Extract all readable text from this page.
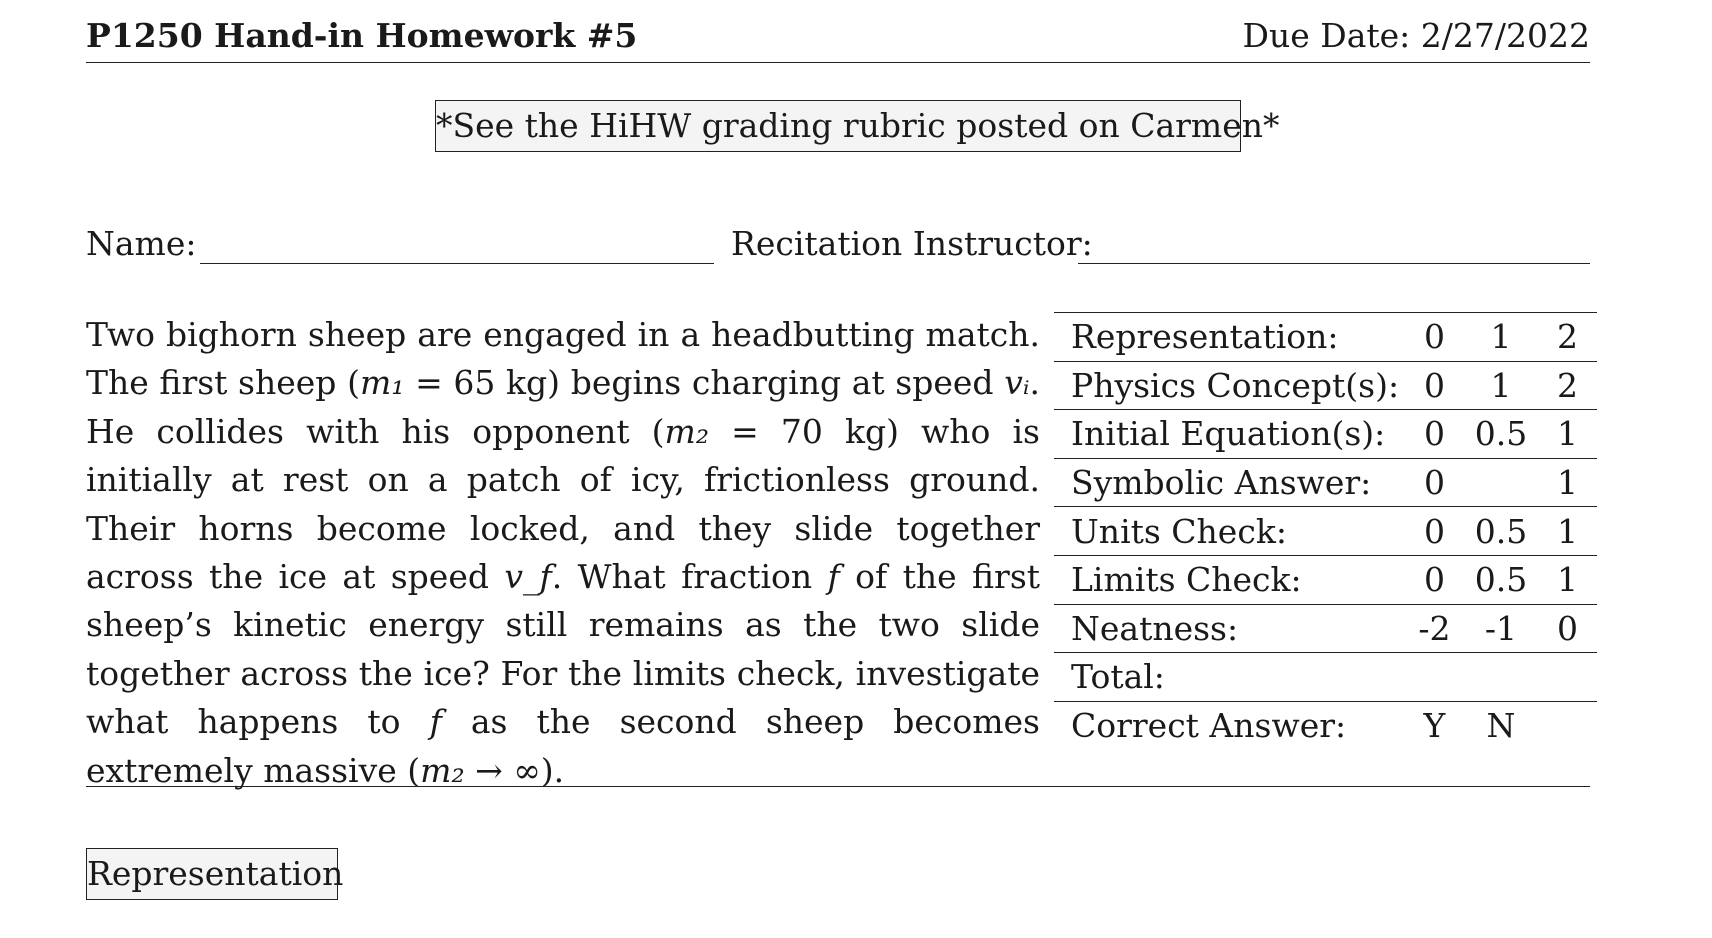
P1250 Hand-in Homework #5	Due Date: 2/27/2022
*See the HiHW grading rubric posted on Carmen*
Name:	Recitation Instructor:
Two bighorn sheep are engaged in a headbutting match. The first sheep (m₁ = 65 kg) begins charging at speed vᵢ. He collides with his opponent (m₂ = 70 kg) who is initially at rest on a patch of icy, frictionless ground. Their horns become locked, and they slide together across the ice at speed v_f. What fraction f of the first sheep’s kinetic energy still remains as the two slide together across the ice? For the limits check, investigate what happens to f as the second sheep becomes extremely massive (m₂ → ∞).
Representation:	0	1	2
Physics Concept(s):	0	1	2
Initial Equation(s):	0	0.5	1
Symbolic Answer:	0		1
Units Check:	0	0.5	1
Limits Check:	0	0.5	1
Neatness:	-2	-1	0
Total:			
Correct Answer:	Y	N	
Representation
